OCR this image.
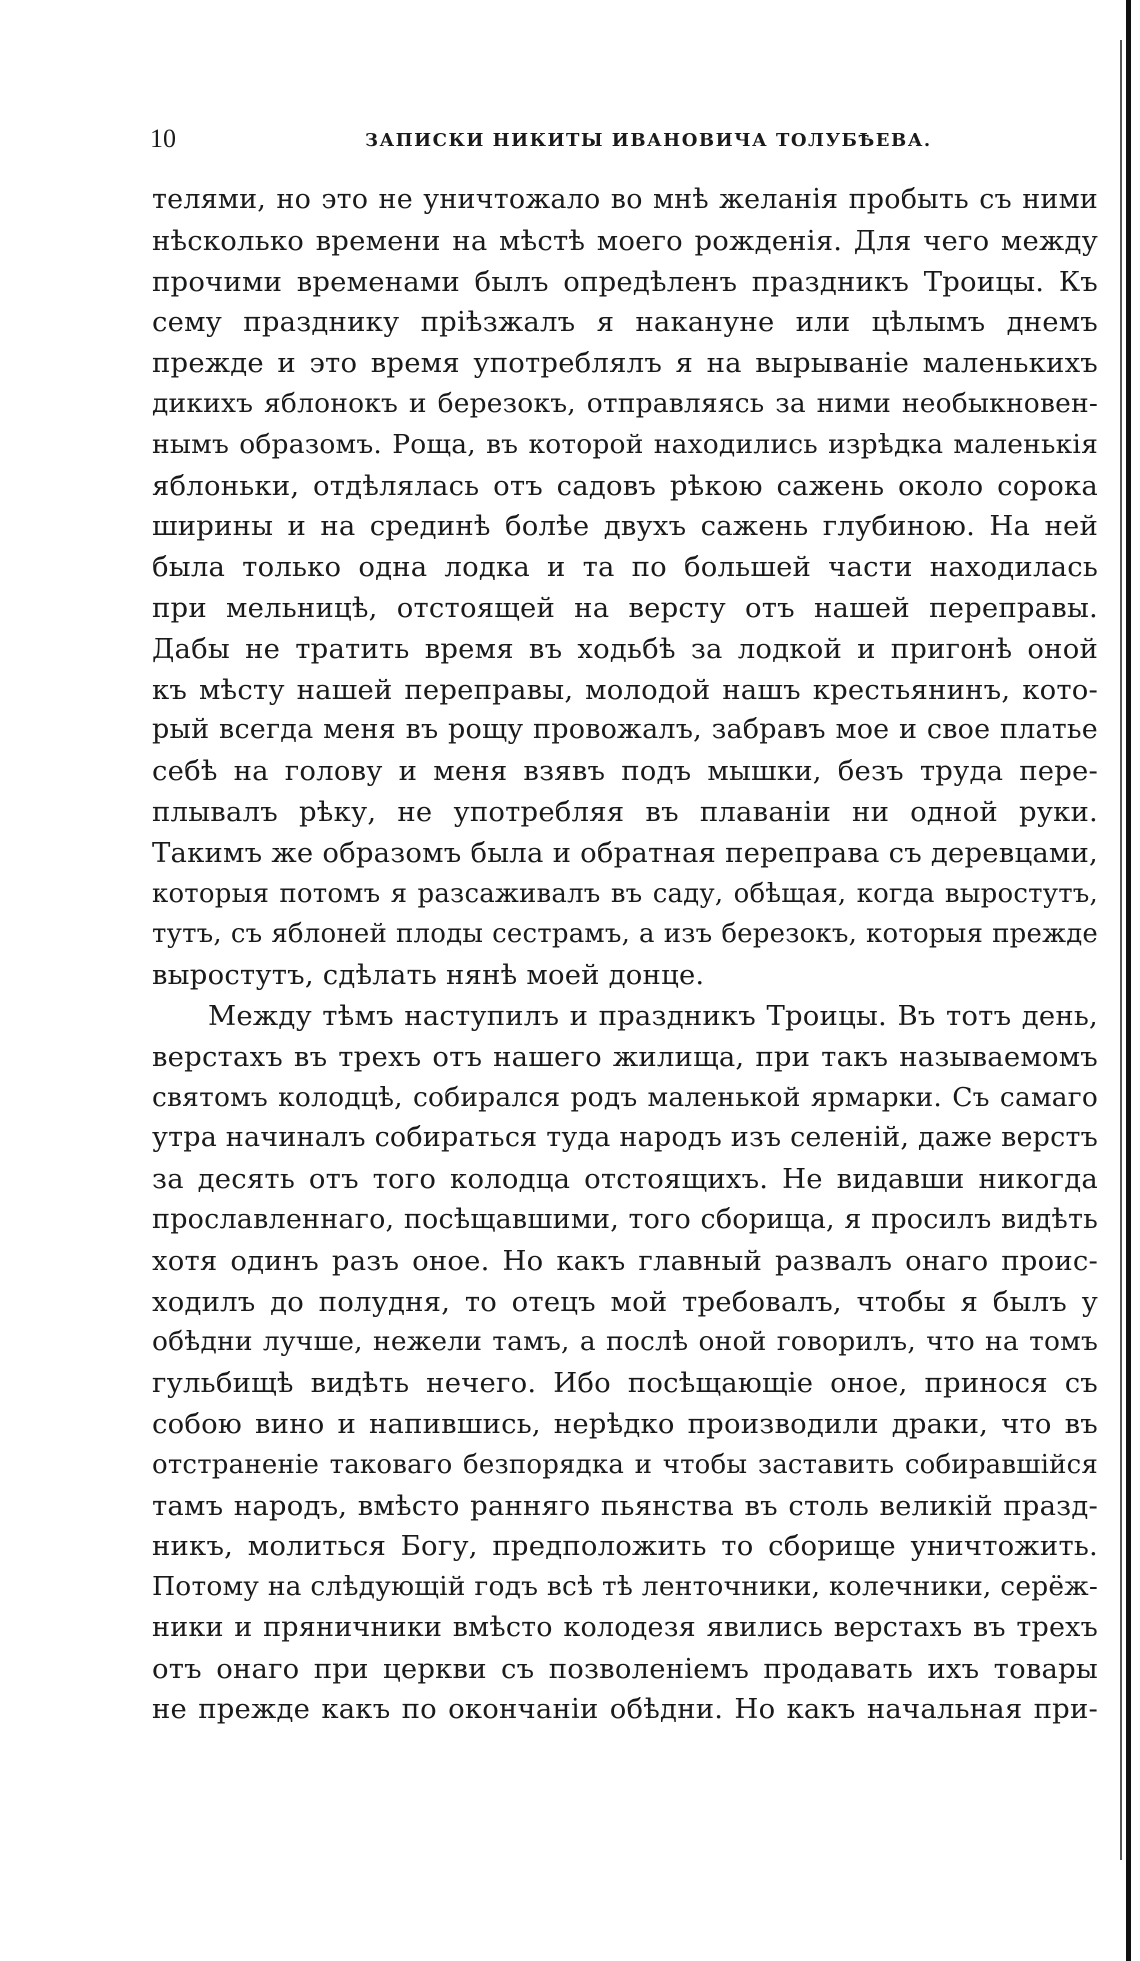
10	ЗАПИСКИ НИКИТЫ ИВАНОВИЧА ТОЛУБѢЕВА.
телями, но это не уничтожало во мнѣ желанія пробыть съ ними
нѣсколько времени на мѣстѣ моего рожденія. Для чего между
прочими временами былъ опредѣленъ праздникъ Троицы. Къ
сему празднику пріѣзжалъ я накануне или цѣлымъ днемъ
прежде и это время употреблялъ я на вырываніе маленькихъ
дикихъ яблонокъ и березокъ, отправляясь за ними необыкновен-
нымъ образомъ. Роща, въ которой находились изрѣдка маленькія
яблоньки, отдѣлялась отъ садовъ рѣкою сажень около сорока
ширины и на срединѣ болѣе двухъ сажень глубиною. На ней
была только одна лодка и та по большей части находилась
при мельницѣ, отстоящей на версту отъ нашей переправы.
Дабы не тратить время въ ходьбѣ за лодкой и пригонѣ оной
къ мѣсту нашей переправы, молодой нашъ крестьянинъ, кото-
рый всегда меня въ рощу провожалъ, забравъ мое и свое платье
себѣ на голову и меня взявъ подъ мышки, безъ труда пере-
плывалъ рѣку, не употребляя въ плаваніи ни одной руки.
Такимъ же образомъ была и обратная переправа съ деревцами,
которыя потомъ я разсаживалъ въ саду, обѣщая, когда выростутъ,
тутъ, съ яблоней плоды сестрамъ, а изъ березокъ, которыя прежде
выростутъ, сдѣлать нянѣ моей донце.
Между тѣмъ наступилъ и праздникъ Троицы. Въ тотъ день,
верстахъ въ трехъ отъ нашего жилища, при такъ называемомъ
святомъ колодцѣ, собирался родъ маленькой ярмарки. Съ самаго
утра начиналъ собираться туда народъ изъ селеній, даже верстъ
за десять отъ того колодца отстоящихъ. Не видавши никогда
прославленнаго, посѣщавшими, того сборища, я просилъ видѣть
хотя одинъ разъ оное. Но какъ главный развалъ онаго проис-
ходилъ до полудня, то отецъ мой требовалъ, чтобы я былъ у
обѣдни лучше, нежели тамъ, а послѣ оной говорилъ, что на томъ
гульбищѣ видѣть нечего. Ибо посѣщающіе оное, принося съ
собою вино и напившись, нерѣдко производили драки, что въ
отстраненіе таковаго безпорядка и чтобы заставить собиравшійся
тамъ народъ, вмѣсто ранняго пьянства въ столь великій празд-
никъ, молиться Богу, предположить то сборище уничтожить.
Потому на слѣдующій годъ всѣ тѣ ленточники, колечники, серёж-
ники и пряничники вмѣсто колодезя явились верстахъ въ трехъ
отъ онаго при церкви съ позволеніемъ продавать ихъ товары
не прежде какъ по окончаніи обѣдни. Но какъ начальная при-
